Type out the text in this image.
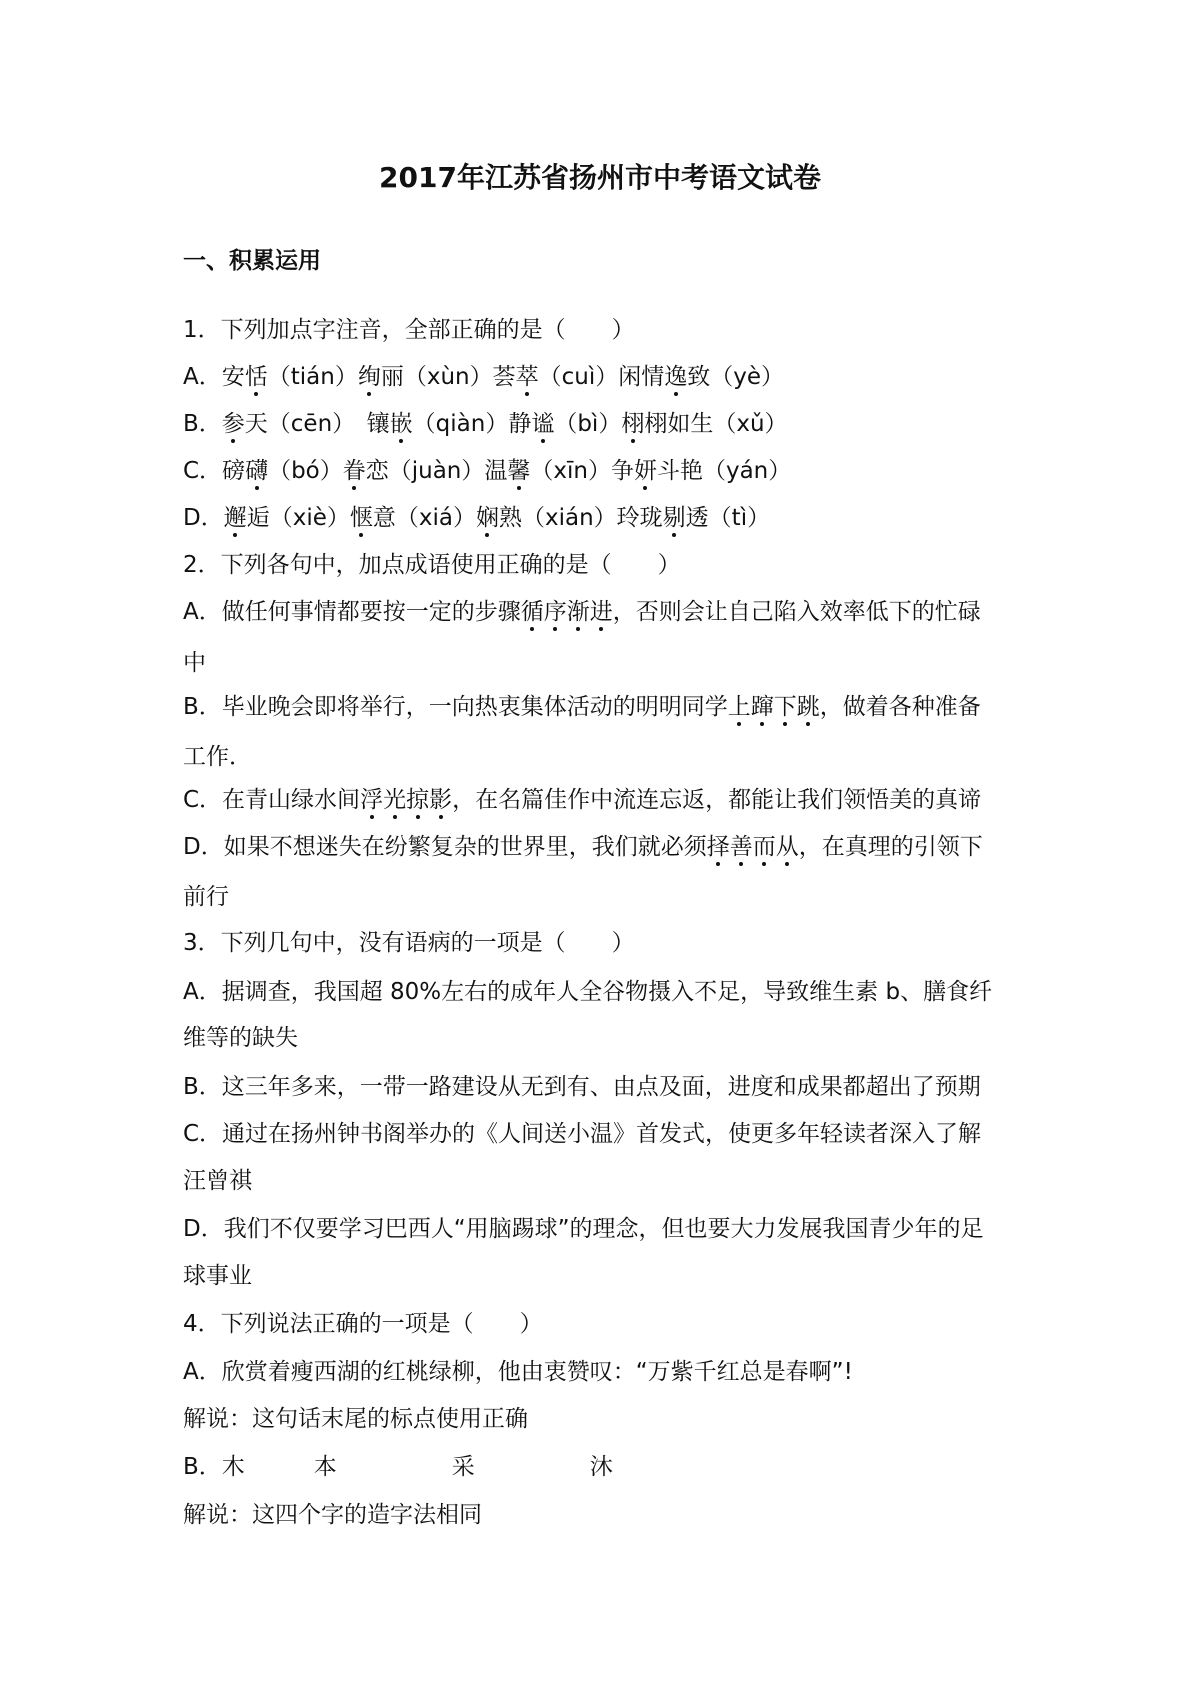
2017年江苏省扬州市中考语文试卷
一、积累运用
1．下列加点字注音，全部正确的是（　　）
A．安恬（tián）绚丽（xùn）荟萃（cuì）闲情逸致（yè）
B．参天（cēn）　镶嵌（qiàn）静谧（bì）栩栩如生（xǔ）
C．磅礴（bó）眷恋（juàn）温馨（xīn）争妍斗艳（yán）
D．邂逅（xiè）惬意（xiá）娴熟（xián）玲珑剔透（tì）
2．下列各句中，加点成语使用正确的是（　　）
A．做任何事情都要按一定的步骤循序渐进，否则会让自己陷入效率低下的忙碌
中
B．毕业晚会即将举行，一向热衷集体活动的明明同学上蹿下跳，做着各种准备
工作．
C．在青山绿水间浮光掠影，在名篇佳作中流连忘返，都能让我们领悟美的真谛
D．如果不想迷失在纷繁复杂的世界里，我们就必须择善而从，在真理的引领下
前行
3．下列几句中，没有语病的一项是（　　）
A．据调查，我国超 80%左右的成年人全谷物摄入不足，导致维生素 b、膳食纤
维等的缺失
B．这三年多来，一带一路建设从无到有、由点及面，进度和成果都超出了预期
C．通过在扬州钟书阁举办的《人间送小温》首发式，使更多年轻读者深入了解
汪曾祺
D．我们不仅要学习巴西人“用脑踢球”的理念，但也要大力发展我国青少年的足
球事业
4．下列说法正确的一项是（　　）
A．欣赏着瘦西湖的红桃绿柳，他由衷赞叹：“万紫千红总是春啊”!
解说：这句话末尾的标点使用正确
B．木　　　本　　　　　采　　　　　沐
解说：这四个字的造字法相同
